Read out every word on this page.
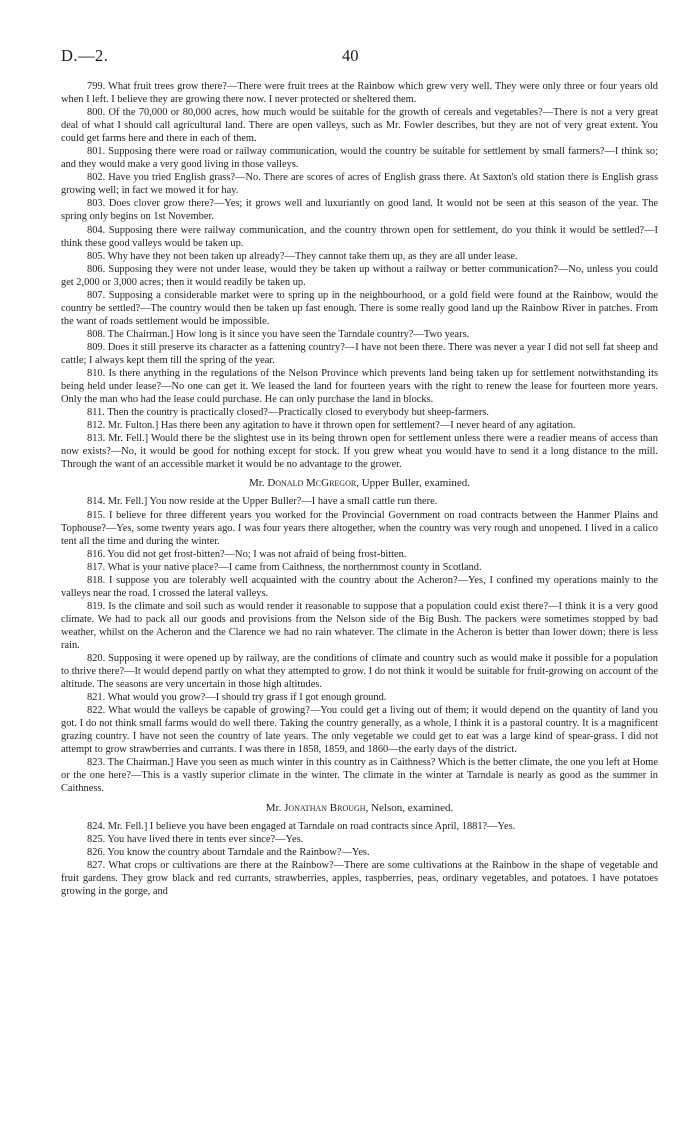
D.—2.	40

799. What fruit trees grow there?—There were fruit trees at the Rainbow which grew very well. They were only three or four years old when I left. I believe they are growing there now. I never protected or sheltered them.

800. Of the 70,000 or 80,000 acres, how much would be suitable for the growth of cereals and vegetables?—There is not a very great deal of what I should call agricultural land. There are open valleys, such as Mr. Fowler describes, but they are not of very great extent. You could get farms here and there in each of them.

801. Supposing there were road or railway communication, would the country be suitable for settlement by small farmers?—I think so; and they would make a very good living in those valleys.

802. Have you tried English grass?—No. There are scores of acres of English grass there. At Saxton's old station there is English grass growing well; in fact we mowed it for hay.

803. Does clover grow there?—Yes; it grows well and luxuriantly on good land. It would not be seen at this season of the year. The spring only begins on 1st November.

804. Supposing there were railway communication, and the country thrown open for settlement, do you think it would be settled?—I think these good valleys would be taken up.

805. Why have they not been taken up already?—They cannot take them up, as they are all under lease.

806. Supposing they were not under lease, would they be taken up without a railway or better communication?—No, unless you could get 2,000 or 3,000 acres; then it would readily be taken up.

807. Supposing a considerable market were to spring up in the neighbourhood, or a gold field were found at the Rainbow, would the country be settled?—The country would then be taken up fast enough. There is some really good land up the Rainbow River in patches. From the want of roads settlement would be impossible.

808. The Chairman.] How long is it since you have seen the Tarndale country?—Two years.

809. Does it still preserve its character as a fattening country?—I have not been there. There was never a year I did not sell fat sheep and cattle; I always kept them till the spring of the year.

810. Is there anything in the regulations of the Nelson Province which prevents land being taken up for settlement notwithstanding its being held under lease?—No one can get it. We leased the land for fourteen years with the right to renew the lease for fourteen more years. Only the man who had the lease could purchase. He can only purchase the land in blocks.

811. Then the country is practically closed?—Practically closed to everybody but sheep-farmers.

812. Mr. Fulton.] Has there been any agitation to have it thrown open for settlement?—I never heard of any agitation.

813. Mr. Fell.] Would there be the slightest use in its being thrown open for settlement unless there were a readier means of access than now exists?—No, it would be good for nothing except for stock. If you grew wheat you would have to send it a long distance to the mill. Through the want of an accessible market it would be no advantage to the grower.

Mr. Donald McGregor, Upper Buller, examined.

814. Mr. Fell.] You now reside at the Upper Buller?—I have a small cattle run there.

815. I believe for three different years you worked for the Provincial Government on road contracts between the Hanmer Plains and Tophouse?—Yes, some twenty years ago. I was four years there altogether, when the country was very rough and unopened. I lived in a calico tent all the time and during the winter.

816. You did not get frost-bitten?—No; I was not afraid of being frost-bitten.

817. What is your native place?—I came from Caithness, the northernmost county in Scotland.

818. I suppose you are tolerably well acquainted with the country about the Acheron?—Yes, I confined my operations mainly to the valleys near the road. I crossed the lateral valleys.

819. Is the climate and soil such as would render it reasonable to suppose that a population could exist there?—I think it is a very good climate. We had to pack all our goods and provisions from the Nelson side of the Big Bush. The packers were sometimes stopped by bad weather, whilst on the Acheron and the Clarence we had no rain whatever. The climate in the Acheron is better than lower down; there is less rain.

820. Supposing it were opened up by railway, are the conditions of climate and country such as would make it possible for a population to thrive there?—It would depend partly on what they attempted to grow. I do not think it would be suitable for fruit-growing on account of the altitude. The seasons are very uncertain in those high altitudes.

821. What would you grow?—I should try grass if I got enough ground.

822. What would the valleys be capable of growing?—You could get a living out of them; it would depend on the quantity of land you got. I do not think small farms would do well there. Taking the country generally, as a whole, I think it is a pastoral country. It is a magnificent grazing country. I have not seen the country of late years. The only vegetable we could get to eat was a large kind of spear-grass. I did not attempt to grow strawberries and currants. I was there in 1858, 1859, and 1860—the early days of the district.

823. The Chairman.] Have you seen as much winter in this country as in Caithness? Which is the better climate, the one you left at Home or the one here?—This is a vastly superior climate in the winter. The climate in the winter at Tarndale is nearly as good as the summer in Caithness.

Mr. Jonathan Brough, Nelson, examined.

824. Mr. Fell.] I believe you have been engaged at Tarndale on road contracts since April, 1881?—Yes.

825. You have lived there in tents ever since?—Yes.

826. You know the country about Tarndale and the Rainbow?—Yes.

827. What crops or cultivations are there at the Rainbow?—There are some cultivations at the Rainbow in the shape of vegetable and fruit gardens. They grow black and red currants, strawberries, apples, raspberries, peas, ordinary vegetables, and potatoes. I have potatoes growing in the gorge, and
